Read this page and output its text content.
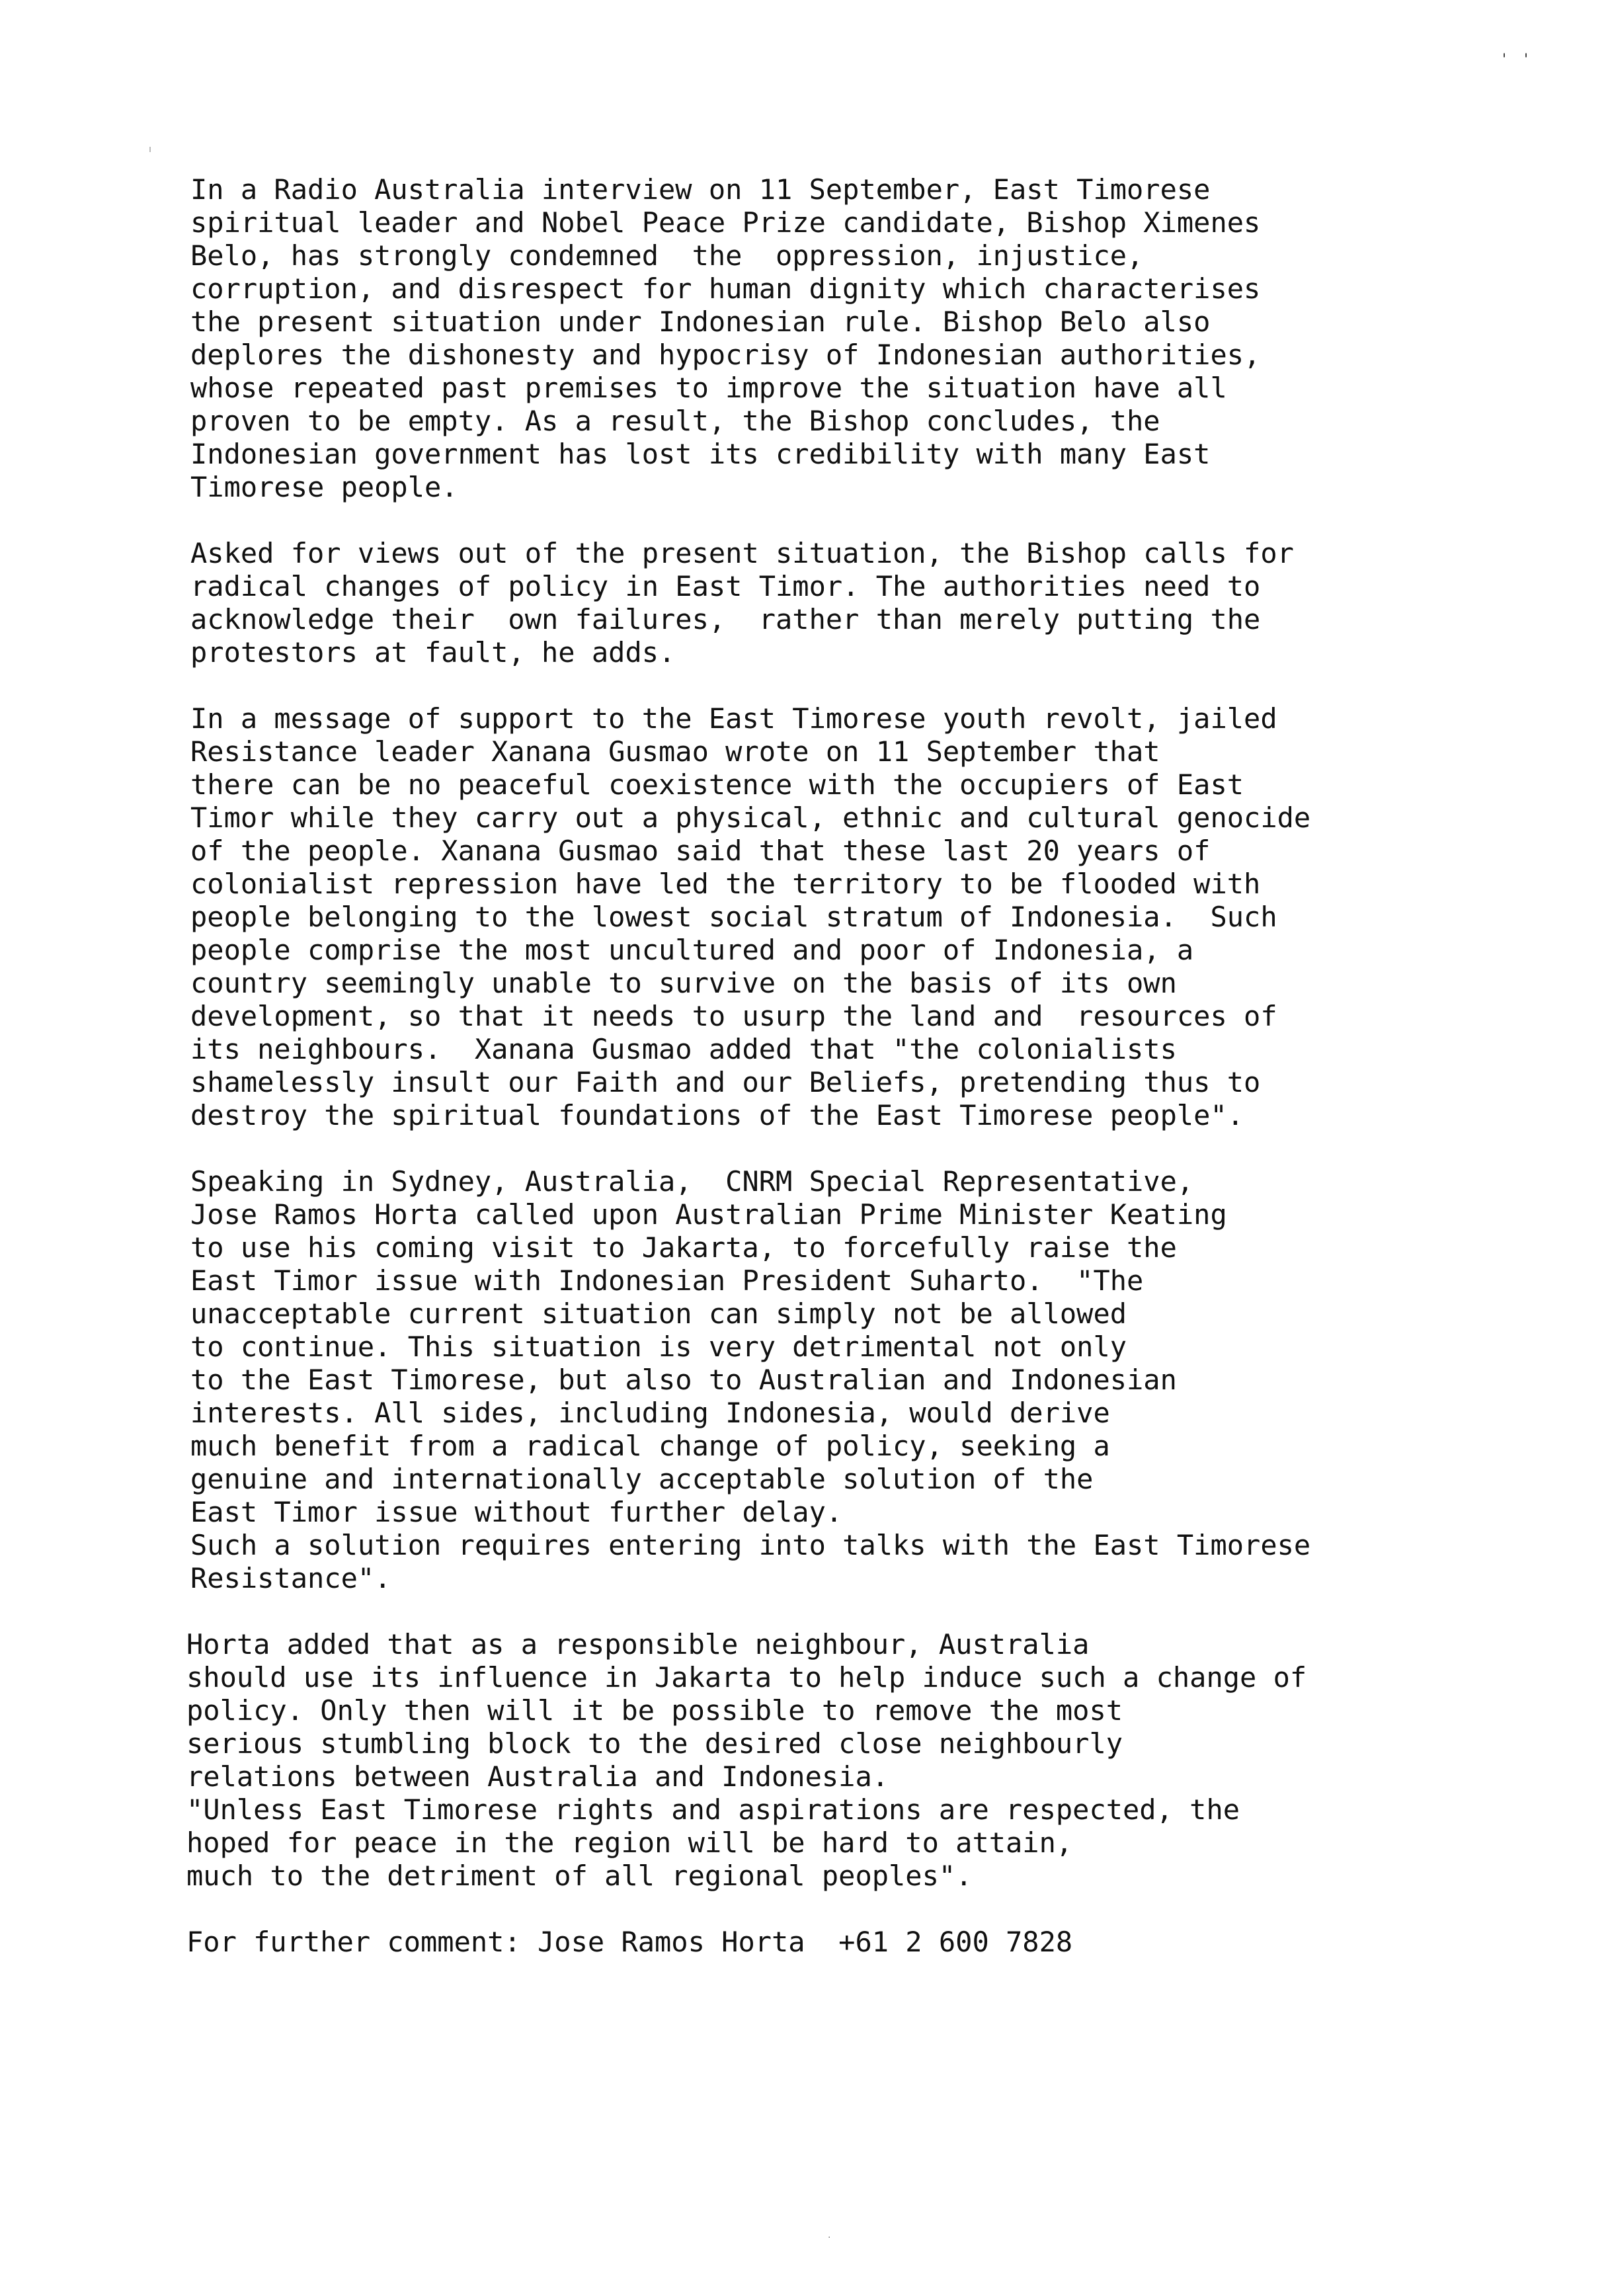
' '
.
In a Radio Australia interview on 11 September, East Timorese
spiritual leader and Nobel Peace Prize candidate, Bishop Ximenes
Belo, has strongly condemned  the  oppression, injustice,
corruption, and disrespect for human dignity which characterises
the present situation under Indonesian rule. Bishop Belo also
deplores the dishonesty and hypocrisy of Indonesian authorities,
whose repeated past premises to improve the situation have all
proven to be empty. As a result, the Bishop concludes, the
Indonesian government has lost its credibility with many East
Timorese people.
Asked for views out of the present situation, the Bishop calls for
radical changes of policy in East Timor. The authorities need to
acknowledge their  own failures,  rather than merely putting the
protestors at fault, he adds.
In a message of support to the East Timorese youth revolt, jailed
Resistance leader Xanana Gusmao wrote on 11 September that
there can be no peaceful coexistence with the occupiers of East
Timor while they carry out a physical, ethnic and cultural genocide
of the people. Xanana Gusmao said that these last 20 years of
colonialist repression have led the territory to be flooded with
people belonging to the lowest social stratum of Indonesia.  Such
people comprise the most uncultured and poor of Indonesia, a
country seemingly unable to survive on the basis of its own
development, so that it needs to usurp the land and  resources of
its neighbours.  Xanana Gusmao added that "the colonialists
shamelessly insult our Faith and our Beliefs, pretending thus to
destroy the spiritual foundations of the East Timorese people".
Speaking in Sydney, Australia,  CNRM Special Representative,
Jose Ramos Horta called upon Australian Prime Minister Keating
to use his coming visit to Jakarta, to forcefully raise the
East Timor issue with Indonesian President Suharto.  "The
unacceptable current situation can simply not be allowed
to continue. This situation is very detrimental not only
to the East Timorese, but also to Australian and Indonesian
interests. All sides, including Indonesia, would derive
much benefit from a radical change of policy, seeking a
genuine and internationally acceptable solution of the
East Timor issue without further delay.
Such a solution requires entering into talks with the East Timorese
Resistance".
Horta added that as a responsible neighbour, Australia
should use its influence in Jakarta to help induce such a change of
policy. Only then will it be possible to remove the most
serious stumbling block to the desired close neighbourly
relations between Australia and Indonesia.
"Unless East Timorese rights and aspirations are respected, the
hoped for peace in the region will be hard to attain,
much to the detriment of all regional peoples".
For further comment: Jose Ramos Horta  +61 2 600 7828
